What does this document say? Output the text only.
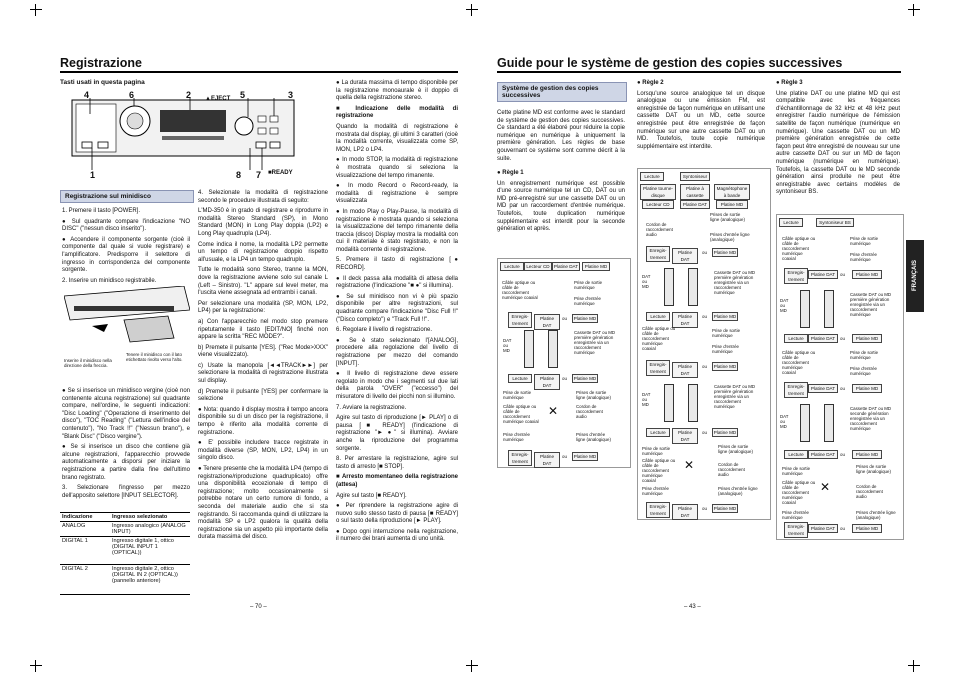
Registrazione
Tasti usati in questa pagina
4	6	2 ▲EJECT 5	3
1	8 7 ■READY
Registrazione sul minidisco

1. Premere il tasto [POWER].

● Sul quadrante compare l'indicazione "NO DISC" ("nessun disco inserito").

● Accendere il componente sorgente (cioè il componente dal quale si vuole registrare) e l'amplificatore. Predisporre il selettore di ingresso in corrispondenza del componente sorgente.

2. Inserire un minidisco registrabile.

Inserire il minidisco nella direzione della freccia.
Tenere il minidisco con il lato etichettato rivolto verso l'alto.

● Se si inserisce un minidisco vergine (cioè non contenente alcuna registrazione) sul quadrante compare, nell'ordine, le seguenti indicazioni: "Disc Loading" ("Operazione di inserimento del disco"), "TOC Reading" ("Lettura dell'indice del contenuto"), "No Track !!" ("Nessun brano"), e "Blank Disc" ("Disco vergine").

● Se si inserisce un disco che contiene già alcune registrazioni, l'apparecchio provvede automaticamente a disporsi per iniziare la registrazione a partire dalla fine dell'ultimo brano registrato.

3. Selezionare l'ingresso per mezzo dell'apposito selettore [INPUT SELECTOR].

Indicazione	Ingresso selezionato
ANALOG	Ingresso analogico (ANALOG INPUT)
DIGITAL 1	Ingresso digitale 1, ottico (DIGITAL INPUT 1 (OPTICAL))
DIGITAL 2	Ingresso digitale 2, ottico (DIGITAL IN 2 (OPTICAL)) (pannello anteriore)

4. Selezionate la modalità di registrazione secondo le procedure illustrata di seguito:

L'MD-350 è in grado di registrare e riprodurre in modalità Stereo Standard (SP), in Mono Standard (MON) in Long Play doppia (LP2) e Long Play quadrupla (LP4).

Come indica il nome, la modalità LP2 permette un tempo di registrazione doppio rispetto all'usuale, e la LP4 un tempo quadruplo.

Tutte le modalità sono Stereo, tranne la MON, dove la registrazione avviene solo sul canale L (Left – Sinistro). "L" appare sul level meter, ma l'uscita viene assegnata ad entrambi i canali.

Per selezionare una modalità (SP, MON, LP2, LP4) per la registrazione:

a) Con l'apparecchio nel modo stop premere ripetutamente il tasto [EDIT/NO] finché non appare la scritta "REC MODE?".

b) Premete il pulsante [YES]. ("Rec Mode>XXX" viene visualizzato).

c) Usate la manopola [◄◄TRACK►►] per selezionare la modalità di registrazione illustrata sul display.

d) Premete il pulsante [YES] per confermare la selezione

● Nota: quando il display mostra il tempo ancora disponibile su di un disco per la registrazione, il tempo è riferito alla modalità corrente di registrazione.

● E' possibile includere tracce registrate in modalità diverse (SP, MON, LP2, LP4) in un singolo disco.

● Tenere presente che la modalità LP4 (tempo di registrazione/riproduzione quadruplicato) offre una disponibilità eccezionale di tempo di registrazione; molto occasionalmente si potrebbe notare un certo rumore di fondo, a seconda del materiale audio che si sta registrando. Si raccomanda quindi di utilizzare la modalità SP e LP2 qualora la qualità della registrazione sia un aspetto più importante della durata massima del disco.

● La durata massima di tempo disponibile per la registrazione monoaurale è il doppio di quella della registrazione stereo.

■ Indicazione delle modalità di registrazione

Quando la modalità di registrazione è mostrata dal display, gli ultimi 3 caratteri (cioè la modalità corrente, visualizzata come SP, MON, LP2 o LP4.

● In modo STOP, la modalità di registrazione è mostrata quando si seleziona la visualizzazione del tempo rimanente.

● In modo Record o Record-ready, la modalità di registrazione è sempre visualizzata

● In modo Play o Play-Pause, la modalità di registrazione è mostrata quando si seleziona la visualizzazione del tempo rimanente della traccia (disco) Display mostra la modalità con cui il materiale è stato registrato, e non la modalità corrente di registrazione.

5. Premere il tasto di registrazione [● RECORD].

● Il deck passa alla modalità di attesa della registrazione (l'indicazione "■ ●" si illumina).

● Se sul minidisco non vi è più spazio disponibile per altre registrazioni, sul quadrante compare l'indicazione "Disc Full !!" ("Disco completo") e "Track Full !!".

6. Regolare il livello di registrazione.

● Se è stato selezionato l'[ANALOG], procedere alla regolazione del livello di registrazione per mezzo del comando [INPUT].

● Il livello di registrazione deve essere regolato in modo che i segmenti sul due lati della parola "OVER" ("eccesso") del misuratore di livello dei picchi non si illumino.

7. Avviare la registrazione.

Agire sul tasto di riproduzione [► PLAY] o di pausa [■ READY] (l'indicazione di registrazione "► ●" si illumina). Avviare anche la riproduzione del programma sorgente.

8. Per arrestare la registrazione, agire sul tasto di arresto [■ STOP].

■ Arresto momentaneo della registrazione (attesa)

Agire sul tasto [■ READY].

● Per riprendere la registrazione agire di nuovo sullo stesso tasto di pausa [■ READY] o sul tasto della riproduzione [► PLAY].

● Dopo ogni interruzione nella registrazione, il numero dei brani aumenta di uno unità.

– 70 –
Guide pour le système de gestion des copies successives
Système de gestion des copies successives
Cette platine MD est conforme avec le standard de système de gestion des copies successives. Ce standard a été élaboré pour réduire la copie numérique en numérique à uniquement la première génération. Les règles de base gouvernant ce système sont comme décrit à la suite.

● Règle 1

Un enregistrement numérique est possible d'une source numérique tel un CD, DAT ou un MD pré-enregistré sur une cassette DAT ou un MD par un raccordement d'entrée numérique. Toutefois, toute duplication numérique supplémentaire est interdit pour la seconde génération et après.

● Règle 2

Lorsqu'une source analogique tel un disque analogique ou une émission FM, est enregistrée de façon numérique en utilisant une cassette DAT ou un MD, cette source enregistrée peut être enregistrée de façon numérique sur une autre cassette DAT ou un MD. Toutefois, toute copie numérique supplémentaire est interdite.

● Règle 3

Une platine DAT ou une platine MD qui est compatible avec les fréquences d'échantillonnage de 32 kHz et 48 kHz peut enregistrer l'audio numérique de l'émission satellite de façon numérique (numérique en numérique). Une cassette DAT ou un MD première génération enregistrée de cette façon peut être enregistré de nouveau sur une autre cassette DAT ou sur un MD de façon numérique (numérique en numérique). Toutefois, la cassette DAT ou le MD seconde génération ainsi produite ne peut être enregistrable avec certains modèles de syntoniseur BS.

FRANÇAIS
Lecture	Lecteur CD Platine DAT	Platine MD
Câble optique ou câble de raccordement numérique coaxial
Prise de sortie numérique
Prise d'entrée numérique
Enregis-trement
Platine DAT
ou	Platine MD
DAT ou MD
Cassette DAT ou MD première génération enregistrée via un raccordement numérique
Lecture	Platine DAT
ou	Platine MD
Prise de sortie numérique
Prises de sortie ligne (analogique)
Câble optique ou câble de raccordement numérique coaxial
Cordon de raccordement audio
✕
Prise d'entrée numérique
Prises d'entrée ligne (analogique)
Enregis-trement
Platine DAT
ou	Platine MD
Lecture	Syntoniseur
Platine tourne-disque
Platine à cassette
Magnétophone à bande
Lecteur CD	Platine DAT	Platine MD
Cordon de raccordement audio
Prises de sortie ligne (analogique)
Prises d'entrée ligne (analogique)
Enregis-trement
Platine DAT
ou	Platine MD
DAT ou MD
Cassette DAT ou MD première génération enregistrée via un raccordement numérique
Lecture	Platine DAT
ou	Platine MD
Câble optique ou câble de raccordement numérique coaxial
Prise de sortie numérique
Prise d'entrée numérique
Enregis-trement
Platine DAT
ou	Platine MD
DAT ou MD
Cassette DAT ou MD première génération enregistrée via un raccordement numérique
Lecture	Platine DAT
ou	Platine MD
Prise de sortie numérique
Prises de sortie ligne (analogique)
Câble optique ou câble de raccordement numérique coaxial
✕	Cordon de raccordement audio
Prise d'entrée numérique
Prises d'entrée ligne (analogique)
Enregis-trement
Platine DAT
ou	Platine MD
Lecture	Syntoniseur BS
Câble optique ou câble de raccordement numérique coaxial
Prise de sortie numérique
Prise d'entrée numérique
Enregis-trement
Platine DAT	ou	Platine MD
DAT ou MD
Cassette DAT ou MD première génération enregistrée via un raccordement numérique
Lecture	Platine DAT	ou	Platine MD
Câble optique ou câble de raccordement numérique coaxial
Prise de sortie numérique
Prise d'entrée numérique
Enregis-trement
Platine DAT	ou	Platine MD
DAT ou MD
Cassette DAT ou MD seconde génération enregistrée via un raccordement numérique
Lecture	Platine DAT	ou	Platine MD
Prise de sortie numérique
Prises de sortie ligne (analogique)
Câble optique ou câble de raccordement numérique coaxial
✕	Cordon de raccordement audio
Prise d'entrée numérique
Prises d'entrée ligne (analogique)
Enregis-trement
Platine DAT	ou	Platine MD
– 43 –
